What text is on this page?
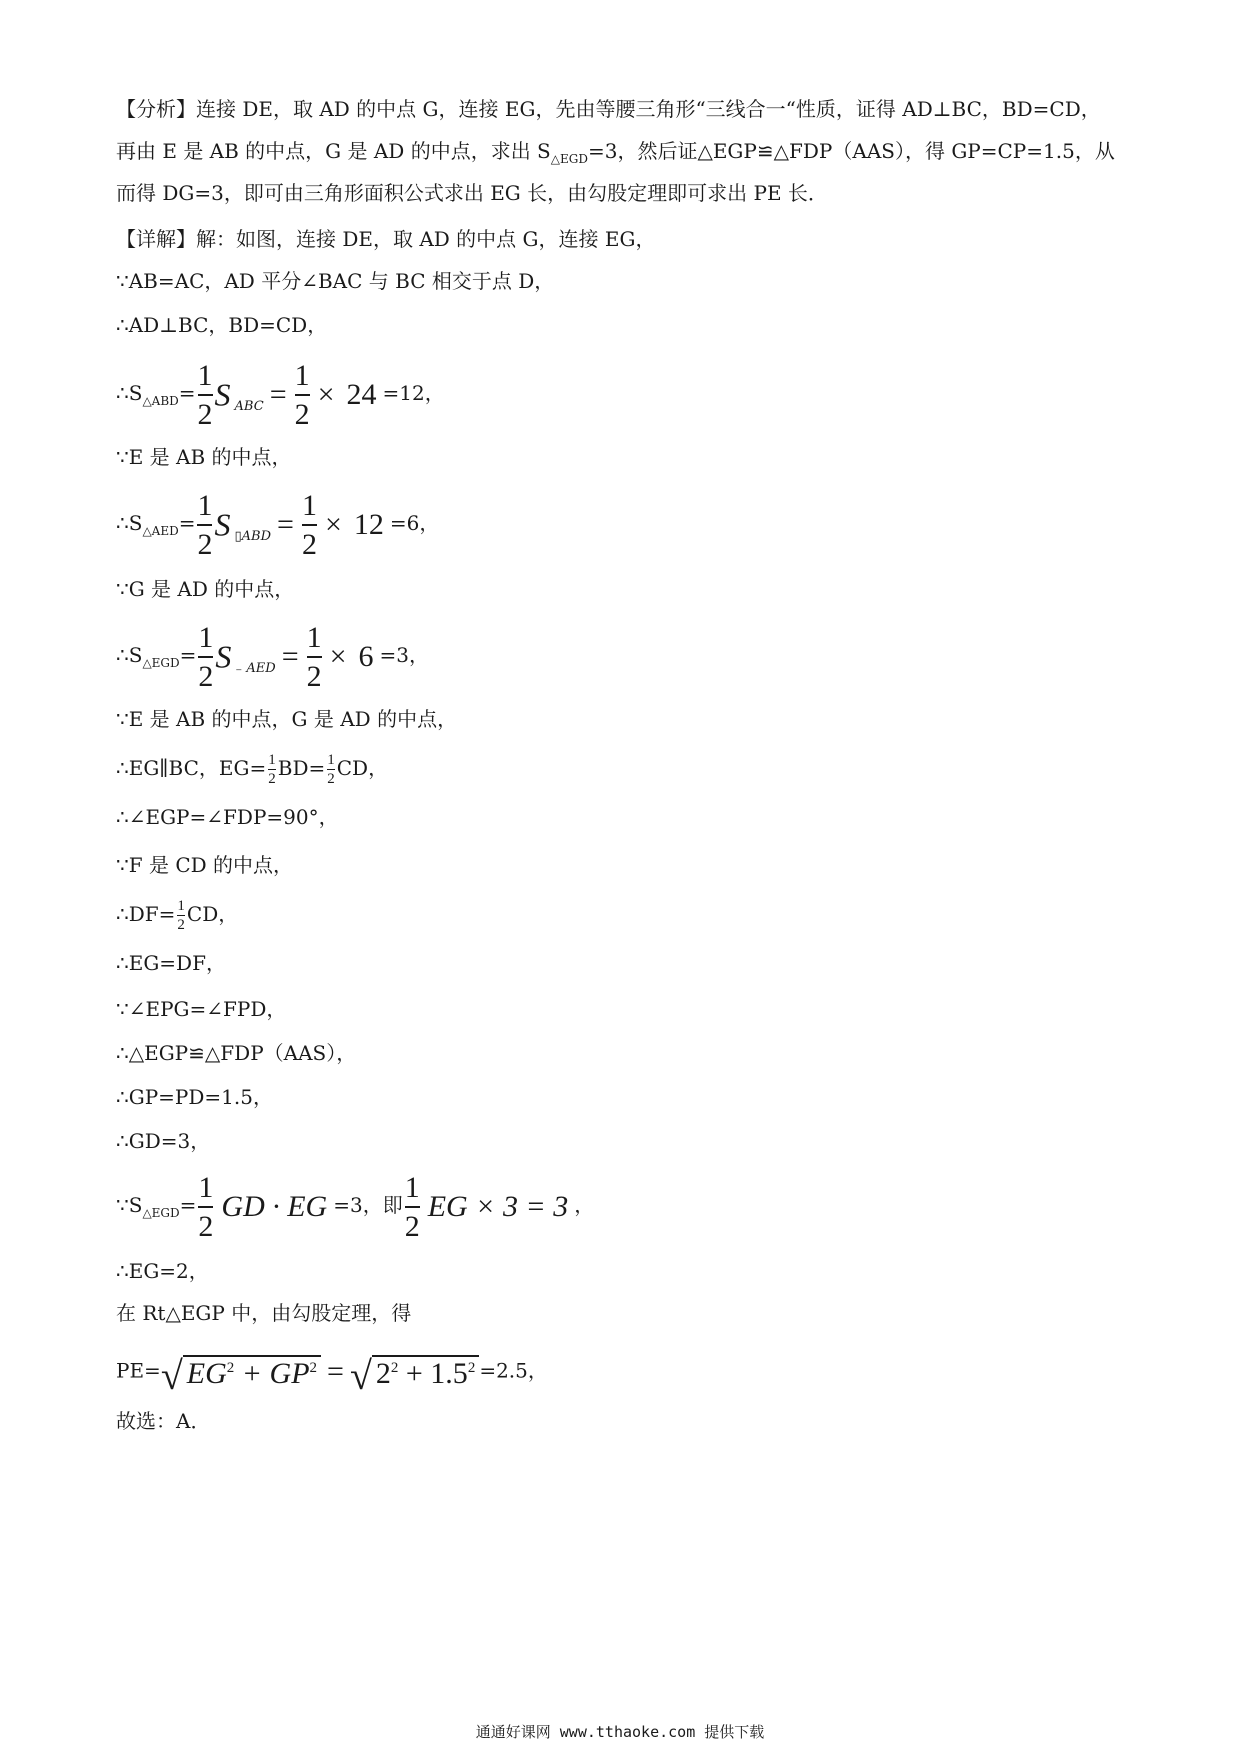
【分析】连接 DE，取 AD 的中点 G，连接 EG，先由等腰三角形“三线合一“性质，证得 AD⊥BC，BD=CD，
再由 E 是 AB 的中点，G 是 AD 的中点，求出 $S_{\triangle EGD}=3$，然后证△EGP≌△FDP（AAS），得 GP=CP=1.5，从
而得 DG=3，即可由三角形面积公式求出 EG 长，由勾股定理即可求出 PE 长．
【详解】解：如图，连接 DE，取 AD 的中点 G，连接 EG，
∵AB=AC，AD 平分∠BAC 与 BC 相交于点 D，
∴AD⊥BC，BD=CD，
$\therefore S_{\triangle ABD}= \frac{1}{2}$ S $_{ABC} = \frac{1}{2} \times 24 =12$，
∵E 是 AB 的中点，
$\therefore S_{\triangle AED}= \frac{1}{2}$ S $_{▯ABD} = \frac{1}{2} \times 12 =6$，
∵G 是 AD 的中点，
$\therefore S_{\triangle EGD}= \frac{1}{2}$ S $_{_- AED} = \frac{1}{2} \times 6 =3$，
∵E 是 AB 的中点，G 是 AD 的中点，
∴EG∥BC，$EG= \frac{1}{2} BD= \frac{1}{2}$ CD，
∴∠EGP=∠FDP=90°，
∵F 是 CD 的中点，
∴DF= $\frac{1}{2}$ CD，
∴EG=DF，
∵∠EPG=∠FPD，
∴△EGP≌△FDP（AAS），
∴GP=PD=1.5，
∴GD=3，
$\because S_{\triangle EGD}= \frac{1}{2}$ GD · EG =3，即 $\frac{1}{2}$ EG × 3 = 3 ，
∴EG=2，
在 Rt△EGP 中，由勾股定理，得
PE=√ $EG^2 + GP^2$ = √ $2^2 + 1.5^2 =2.5$，
故选：A．
通通好课网 www.tthaoke.com 提供下载
